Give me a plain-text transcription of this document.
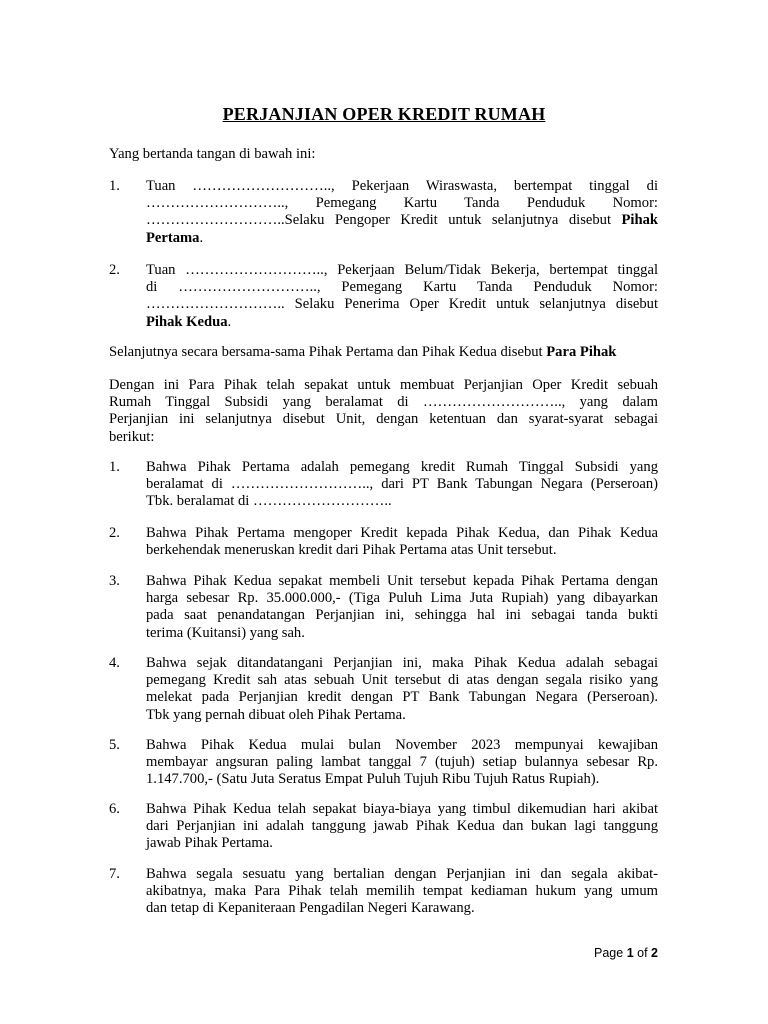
PERJANJIAN OPER KREDIT RUMAH
Yang bertanda tangan di bawah ini:
1.	Tuan ……………………….., Pekerjaan Wiraswasta, bertempat tinggal di
……………………….., Pemegang Kartu Tanda Penduduk Nomor:
………………………..Selaku Pengoper Kredit untuk selanjutnya disebut Pihak
Pertama.
2.	Tuan ……………………….., Pekerjaan Belum/Tidak Bekerja, bertempat tinggal
di ……………………….., Pemegang Kartu Tanda Penduduk Nomor:
……………………….. Selaku Penerima Oper Kredit untuk selanjutnya disebut
Pihak Kedua.
Selanjutnya secara bersama-sama Pihak Pertama dan Pihak Kedua disebut Para Pihak
Dengan ini Para Pihak telah sepakat untuk membuat Perjanjian Oper Kredit sebuah
Rumah Tinggal Subsidi yang beralamat di ……………………….., yang dalam
Perjanjian ini selanjutnya disebut Unit, dengan ketentuan dan syarat-syarat sebagai
berikut:
1.	Bahwa Pihak Pertama adalah pemegang kredit Rumah Tinggal Subsidi yang
beralamat di ……………………….., dari PT Bank Tabungan Negara (Perseroan)
Tbk. beralamat di ………………………..
2.	Bahwa Pihak Pertama mengoper Kredit kepada Pihak Kedua, dan Pihak Kedua
berkehendak meneruskan kredit dari Pihak Pertama atas Unit tersebut.
3.	Bahwa Pihak Kedua sepakat membeli Unit tersebut kepada Pihak Pertama dengan
harga sebesar Rp. 35.000.000,- (Tiga Puluh Lima Juta Rupiah) yang dibayarkan
pada saat penandatangan Perjanjian ini, sehingga hal ini sebagai tanda bukti
terima (Kuitansi) yang sah.
4.	Bahwa sejak ditandatangani Perjanjian ini, maka Pihak Kedua adalah sebagai
pemegang Kredit sah atas sebuah Unit tersebut di atas dengan segala risiko yang
melekat pada Perjanjian kredit dengan PT Bank Tabungan Negara (Perseroan).
Tbk yang pernah dibuat oleh Pihak Pertama.
5.	Bahwa Pihak Kedua mulai bulan November 2023 mempunyai kewajiban
membayar angsuran paling lambat tanggal 7 (tujuh) setiap bulannya sebesar Rp.
1.147.700,- (Satu Juta Seratus Empat Puluh Tujuh Ribu Tujuh Ratus Rupiah).
6.	Bahwa Pihak Kedua telah sepakat biaya-biaya yang timbul dikemudian hari akibat
dari Perjanjian ini adalah tanggung jawab Pihak Kedua dan bukan lagi tanggung
jawab Pihak Pertama.
7.	Bahwa segala sesuatu yang bertalian dengan Perjanjian ini dan segala akibat-
akibatnya, maka Para Pihak telah memilih tempat kediaman hukum yang umum
dan tetap di Kepaniteraan Pengadilan Negeri Karawang.
Page 1 of 2
